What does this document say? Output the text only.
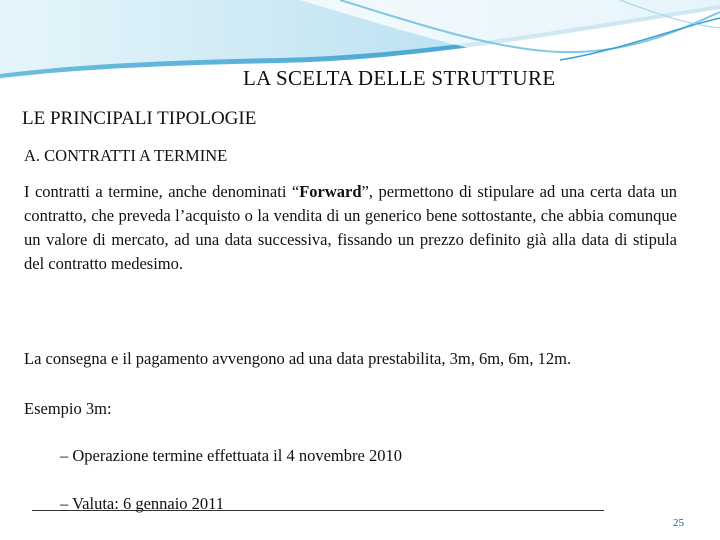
LA SCELTA DELLE STRUTTURE
LE PRINCIPALI TIPOLOGIE
A. CONTRATTI A TERMINE

I contratti a termine, anche denominati “Forward”, permettono di stipulare ad una certa data un contratto, che preveda l’acquisto o la vendita di un generico bene sottostante, che abbia comunque un valore di mercato, ad una data successiva, fissando un prezzo definito già alla data di stipula del contratto medesimo.

La consegna e il pagamento avvengono ad una data prestabilita, 3m, 6m, 6m, 12m.
Esempio 3m:
– Operazione termine effettuata il 4 novembre 2010
– Valuta: 6 gennaio 2011
25
